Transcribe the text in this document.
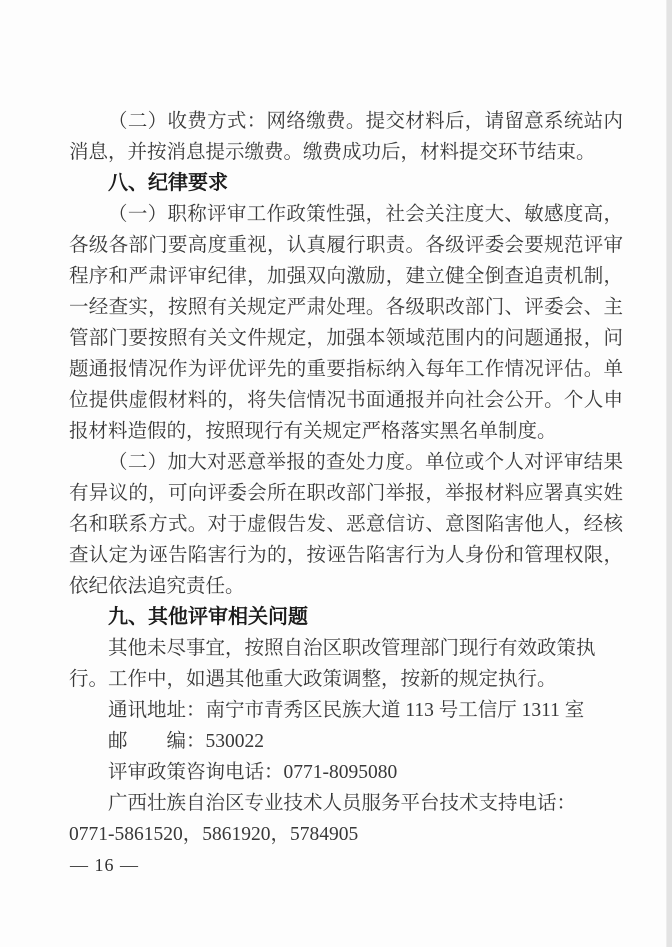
（二）收费方式：网络缴费。提交材料后，请留意系统站内
消息，并按消息提示缴费。缴费成功后，材料提交环节结束。
八、纪律要求
（一）职称评审工作政策性强，社会关注度大、敏感度高，
各级各部门要高度重视，认真履行职责。各级评委会要规范评审
程序和严肃评审纪律，加强双向激励，建立健全倒查追责机制，
一经查实，按照有关规定严肃处理。各级职改部门、评委会、主
管部门要按照有关文件规定，加强本领域范围内的问题通报，问
题通报情况作为评优评先的重要指标纳入每年工作情况评估。单
位提供虚假材料的，将失信情况书面通报并向社会公开。个人申
报材料造假的，按照现行有关规定严格落实黑名单制度。
（二）加大对恶意举报的查处力度。单位或个人对评审结果
有异议的，可向评委会所在职改部门举报，举报材料应署真实姓
名和联系方式。对于虚假告发、恶意信访、意图陷害他人，经核
查认定为诬告陷害行为的，按诬告陷害行为人身份和管理权限，
依纪依法追究责任。
九、其他评审相关问题
其他未尽事宜，按照自治区职改管理部门现行有效政策执
行。工作中，如遇其他重大政策调整，按新的规定执行。
通讯地址：南宁市青秀区民族大道 113 号工信厅 1311 室
邮　　编：530022
评审政策咨询电话：0771-8095080
广西壮族自治区专业技术人员服务平台技术支持电话：
0771-5861520，5861920，5784905
— 16 —
